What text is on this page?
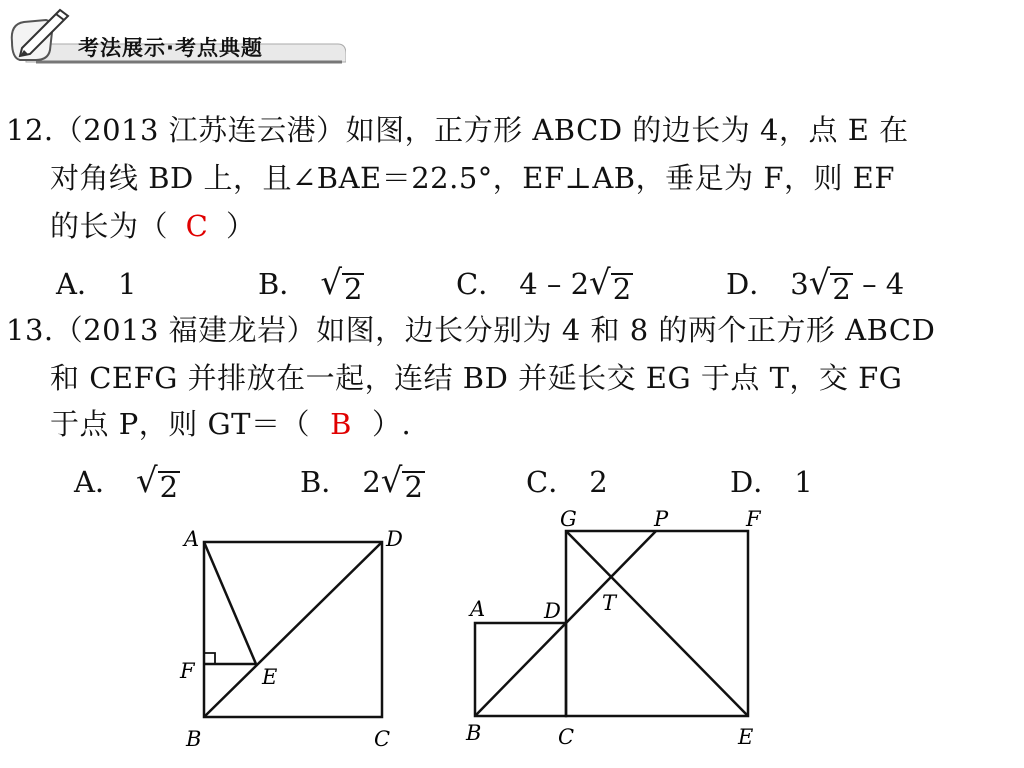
考法展示·考点典题
12.（2013 江苏连云港）如图，正方形 ABCD 的边长为 4，点 E 在
对角线 BD 上，且∠BAE＝22.5°，EF⊥AB，垂足为 F，则 EF
的长为（ C ）
A． 1	B． √ 2	C． 4 – 2 √ 2	D． 3 √ 2 – 4
13.（2013 福建龙岩）如图，边长分别为 4 和 8 的两个正方形 ABCD
和 CEFG 并排放在一起，连结 BD 并延长交 EG 于点 T，交 FG
于点 P，则 GT＝（ B ）.
A． √ 2	B． 2 √ 2	C． 2	D． 1
A	D
F	E
B	C
G	P	F
A	D T
B	C	E
